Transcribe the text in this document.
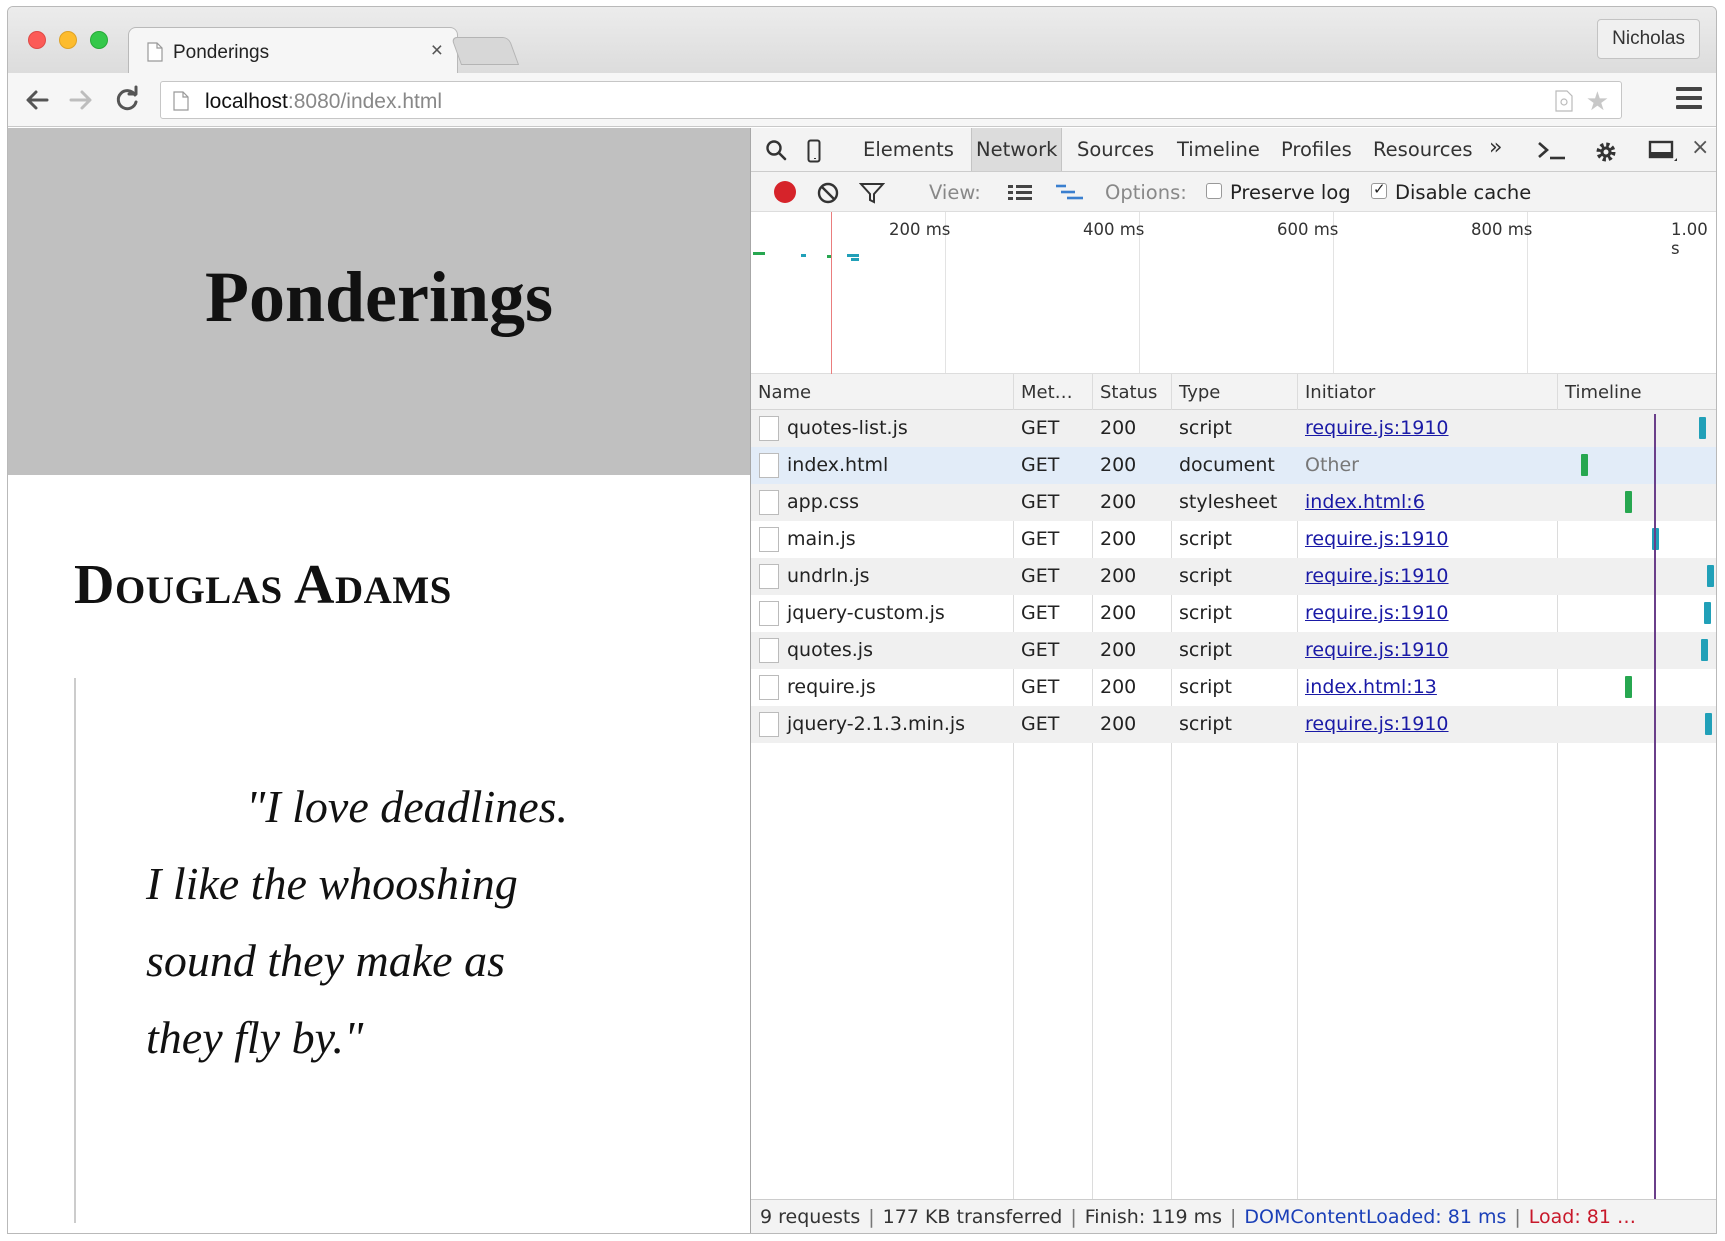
Ponderings	×
Nicholas
localhost:8080/index.html	★
Ponderings
Douglas Adams
"I love deadlines. I like the whooshing sound they make as they fly by."
Elements Network Sources Timeline Profiles Resources »	×
View:	Options: Preserve log
✓ Disable cache
200 ms	400 ms	600 ms	800 ms	1.00 s
Name	Met… Status Type	Initiator	Timeline
quotes-list.js	GET 200 script	require.js:1910
index.html	GET 200 document Other
app.css	GET 200 stylesheet index.html:6
main.js	GET 200 script	require.js:1910
undrln.js	GET 200 script	require.js:1910
jquery-custom.js	GET 200 script	require.js:1910
quotes.js	GET 200 script	require.js:1910
require.js	GET 200 script	index.html:13
jquery-2.1.3.min.js	GET 200 script	require.js:1910
9 requests | 177 KB transferred | Finish: 119 ms | DOMContentLoaded: 81 ms | Load: 81 …
